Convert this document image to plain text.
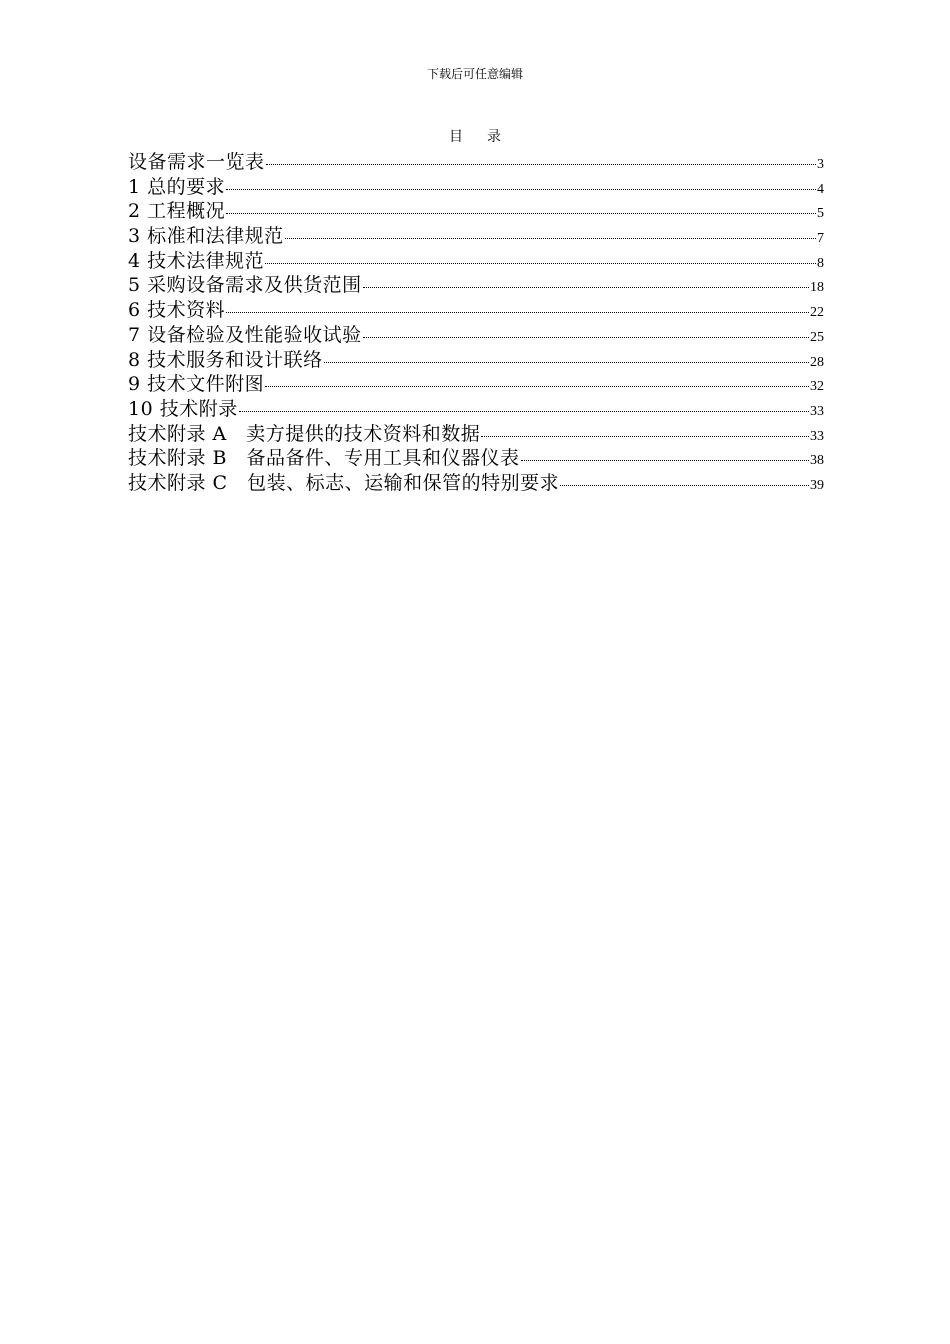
下载后可任意编辑
目录
设备需求一览表	3
1 总的要求	4
2 工程概况	5
3 标准和法律规范	7
4 技术法律规范	8
5 采购设备需求及供货范围	18
6 技术资料	22
7 设备检验及性能验收试验	25
8 技术服务和设计联络	28
9 技术文件附图	32
10 技术附录	33
技术附录 A　卖方提供的技术资料和数据	33
技术附录 B　备品备件、专用工具和仪器仪表	38
技术附录 C　包装、标志、运输和保管的特别要求	39
